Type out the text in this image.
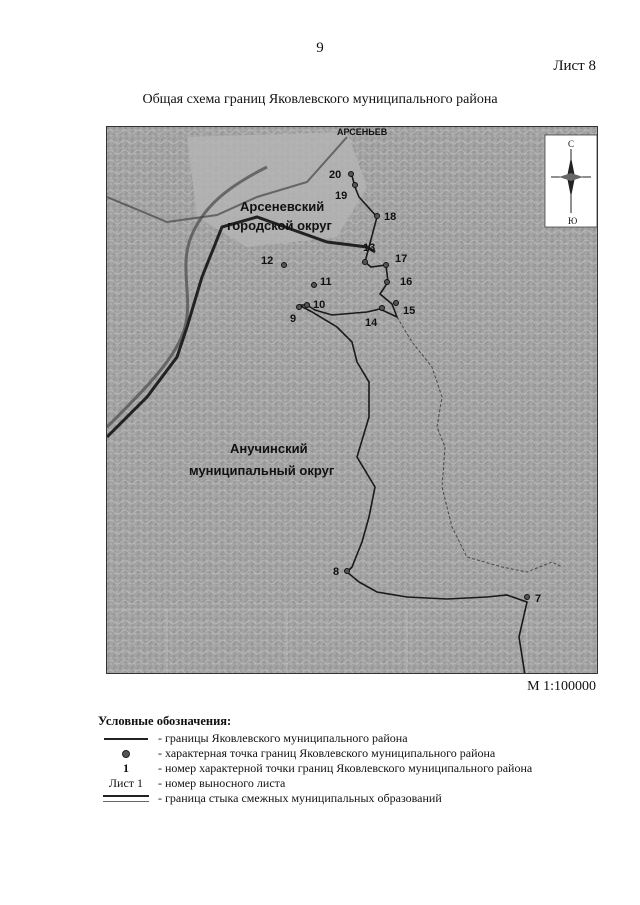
9
Лист 8
Общая схема границ Яковлевского муниципального района
С
Ю
АРСЕНЬЕВ
Арсеневский
городской округ
Анучинский
муниципальный округ
20
19
18
13
17
16
12
11
10
9
15
14
8
7
М 1:100000
Условные обозначения:
- границы Яковлевского муниципального района
- характерная точка границ Яковлевского муниципального района
1 - номер характерной точки границ Яковлевского муниципального района
Лист 1 - номер выносного листа
- граница стыка смежных муниципальных образований
